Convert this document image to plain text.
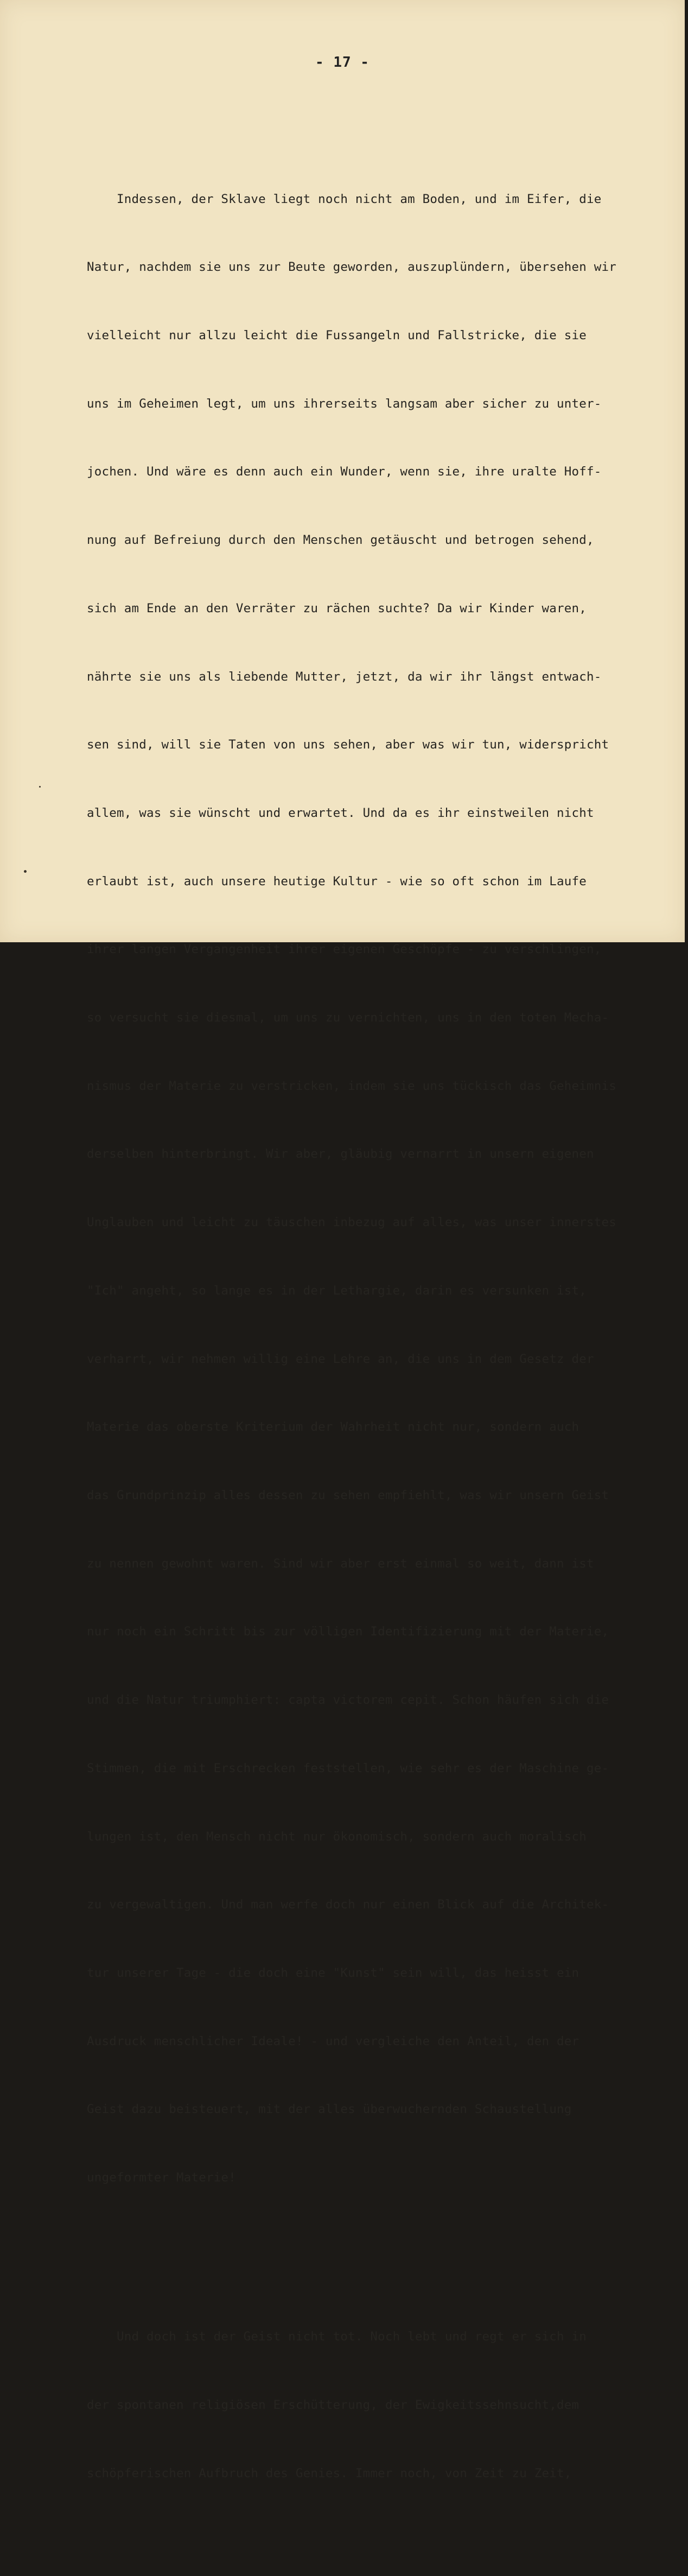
- 17 -

Indessen, der Sklave liegt noch nicht am Boden, und im Eifer, die

Natur, nachdem sie uns zur Beute geworden, auszuplündern, übersehen wir

vielleicht nur allzu leicht die Fussangeln und Fallstricke, die sie

uns im Geheimen legt, um uns ihrerseits langsam aber sicher zu unter-

jochen. Und wäre es denn auch ein Wunder, wenn sie, ihre uralte Hoff-

nung auf Befreiung durch den Menschen getäuscht und betrogen sehend,

sich am Ende an den Verräter zu rächen suchte? Da wir Kinder waren,

nährte sie uns als liebende Mutter, jetzt, da wir ihr längst entwach-

sen sind, will sie Taten von uns sehen, aber was wir tun, widerspricht

allem, was sie wünscht und erwartet. Und da es ihr einstweilen nicht

erlaubt ist, auch unsere heutige Kultur - wie so oft schon im Laufe

ihrer langen Vergangenheit ihrer eigenen Geschöpfe - zu verschlingen,

so versucht sie diesmal, um uns zu vernichten, uns in den toten Mecha-

nismus der Materie zu verstricken, indem sie uns tückisch das Geheimnis

derselben hinterbringt. Wir aber, gläubig vernarrt in unsern eigenen

Unglauben und leicht zu täuschen inbezug auf alles, was unser innerstes

"Ich" angeht, so lange es in der Lethargie, darin es versunken ist,

verharrt, wir nehmen willig eine Lehre an, die uns in dem Gesetz der

Materie das oberste Kriterium der Wahrheit nicht nur, sondern auch

das Grundprinzip alles dessen zu sehen empfiehlt, was wir unsern Geist

zu nennen gewohnt waren. Sind wir aber erst einmal so weit, dann ist

nur noch ein Schritt bis zur völligen Identifizierung mit der Materie,

und die Natur triumphiert: capta victorem cepit. Schon häufen sich die

Stimmen, die mit Erschrecken feststellen, wie sehr es der Maschine ge-

lungen ist, den Mensch nicht nur ökonomisch, sondern auch moralisch

zu vergewaltigen. Und man werfe doch nur einen Blick auf die Architek-

tur unserer Tage - die doch eine "Kunst" sein will, das heisst ein

Ausdruck menschlicher Ideale! - und vergleiche den Anteil, den der

Geist dazu beisteuert, mit der alles überwuchernden Schaustellung

ungeformter Materie!

Und doch ist der Geist nicht tot. Noch lebt und regt er sich in

der spontanen religiösen Erschütterung, der Ewigkeitssehnsucht,dem

schöpferischen Aufbruch des Genies. Immer noch, von Zeit zu Zeit,
